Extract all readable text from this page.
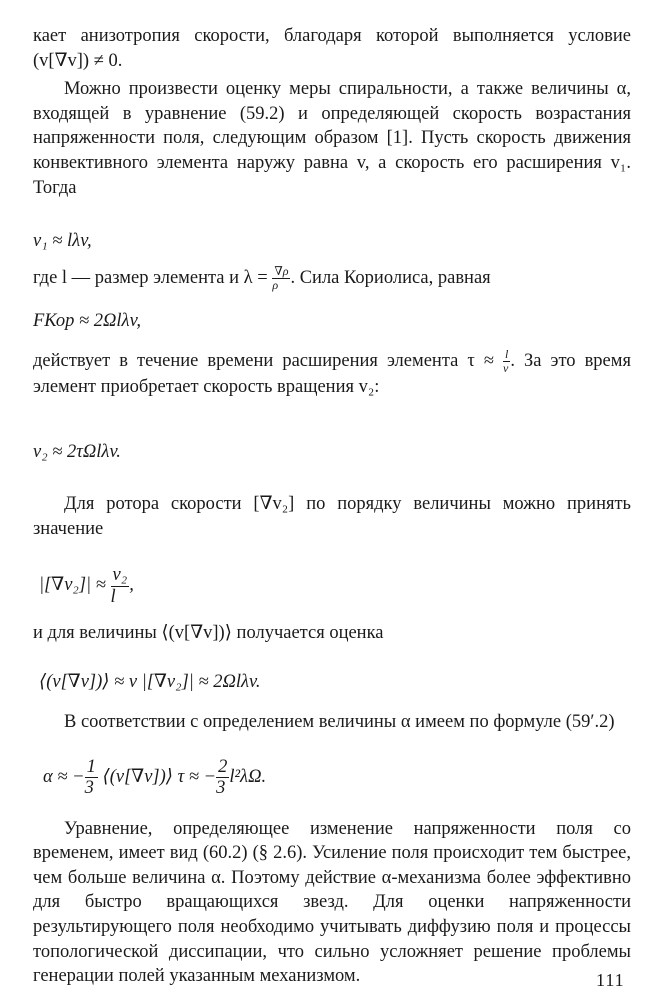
кает анизотропия скорости, благодаря которой выполняется условие (v[∇v]) ≠ 0.

Можно произвести оценку меры спиральности, а также величины α, входящей в уравнение (59.2) и определяющей скорость возрастания напряженности поля, следующим образом [1]. Пусть скорость движения конвективного элемента наружу равна v, а скорость его расширения v₁. Тогда

v₁ ≈ lλv,

где l — размер элемента и $\lambda = \frac{\nabla\rho}{\rho}$ . Сила Кориолиса, равная

FКор ≈ 2Ωlλv,

действует в течение времени расширения элемента $\tau \approx \frac{l}{v}$ . За это время элемент приобретает скорость вращения v₂:

v₂ ≈ 2τΩlλv.

Для ротора скорости [∇v₂] по порядку величины можно принять значение

$|[\nabla v_2]| \approx \frac{\text{v₂}}{l}$ ,

и для величины ⟨(v[∇v])⟩ получается оценка

⟨(v[∇v])⟩ ≈ v |[∇v₂]| ≈ 2Ωlλv.

В соответствии с определением величины α имеем по формуле (59′.2)

α ≈ − $\frac{1}{3}$ ⟨(v[∇v])⟩ τ ≈ − $\frac{2}{3} l^2\lambda\Omega$.

Уравнение, определяющее изменение напряженности поля со временем, имеет вид (60.2) (§ 2.6). Усиление поля происходит тем быстрее, чем больше величина α. Поэтому действие α-механизма более эффективно для быстро вращающихся звезд. Для оценки напряженности результирующего поля необходимо учитывать диффузию поля и процессы топологической диссипации, что сильно усложняет решение проблемы генерации полей указанным механизмом.	111
